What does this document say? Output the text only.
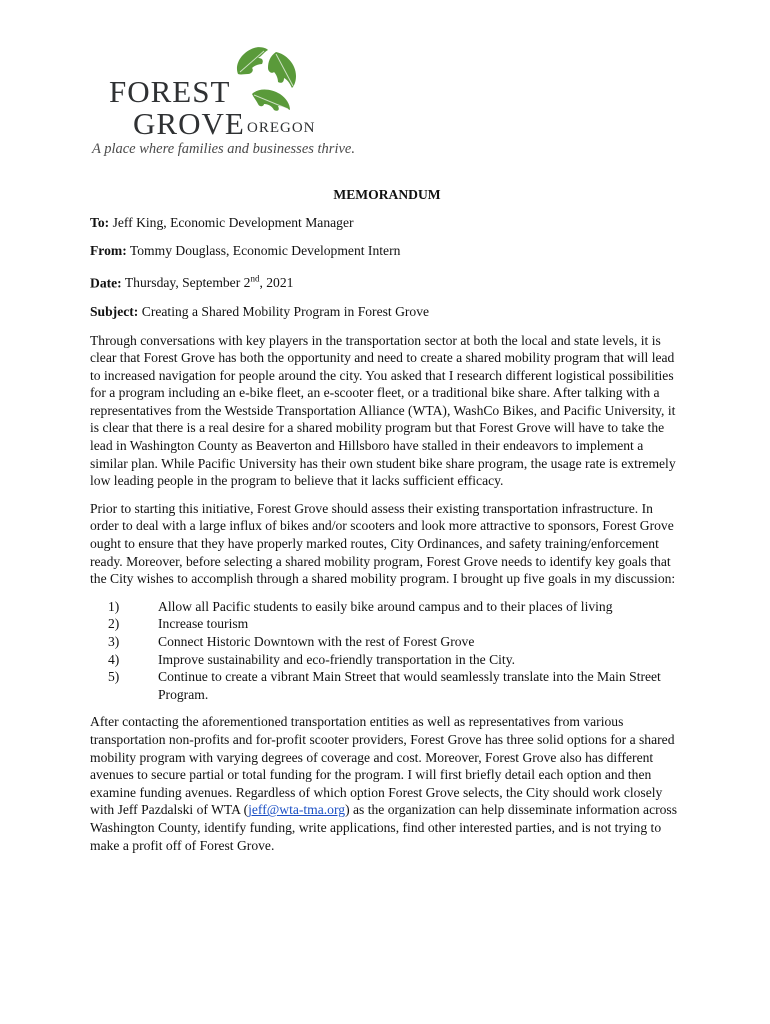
FOREST
GROVE OREGON
A place where families and businesses thrive.
MEMORANDUM
To: Jeff King, Economic Development Manager
From: Tommy Douglass, Economic Development Intern
Date: Thursday, September 2nd, 2021
Subject: Creating a Shared Mobility Program in Forest Grove

Through conversations with key players in the transportation sector at both the local and state levels, it is clear that Forest Grove has both the opportunity and need to create a shared mobility program that will lead to increased navigation for people around the city. You asked that I research different logistical possibilities for a program including an e-bike fleet, an e-scooter fleet, or a traditional bike share. After talking with a representatives from the Westside Transportation Alliance (WTA), WashCo Bikes, and Pacific University, it is clear that there is a real desire for a shared mobility program but that Forest Grove will have to take the lead in Washington County as Beaverton and Hillsboro have stalled in their endeavors to implement a similar plan. While Pacific University has their own student bike share program, the usage rate is extremely low leading people in the program to believe that it lacks sufficient efficacy.

Prior to starting this initiative, Forest Grove should assess their existing transportation infrastructure. In order to deal with a large influx of bikes and/or scooters and look more attractive to sponsors, Forest Grove ought to ensure that they have properly marked routes, City Ordinances, and safety training/enforcement ready. Moreover, before selecting a shared mobility program, Forest Grove needs to identify key goals that the City wishes to accomplish through a shared mobility program. I brought up five goals in my discussion:

1)	Allow all Pacific students to easily bike around campus and to their places of living
2)	Increase tourism
3)	Connect Historic Downtown with the rest of Forest Grove
4)	Improve sustainability and eco-friendly transportation in the City.
5)	Continue to create a vibrant Main Street that would seamlessly translate into the Main Street Program.

After contacting the aforementioned transportation entities as well as representatives from various transportation non-profits and for-profit scooter providers, Forest Grove has three solid options for a shared mobility program with varying degrees of coverage and cost. Moreover, Forest Grove also has different avenues to secure partial or total funding for the program. I will first briefly detail each option and then examine funding avenues. Regardless of which option Forest Grove selects, the City should work closely with Jeff Pazdalski of WTA (jeff@wta-tma.org) as the organization can help disseminate information across Washington County, identify funding, write applications, find other interested parties, and is not trying to make a profit off of Forest Grove.
